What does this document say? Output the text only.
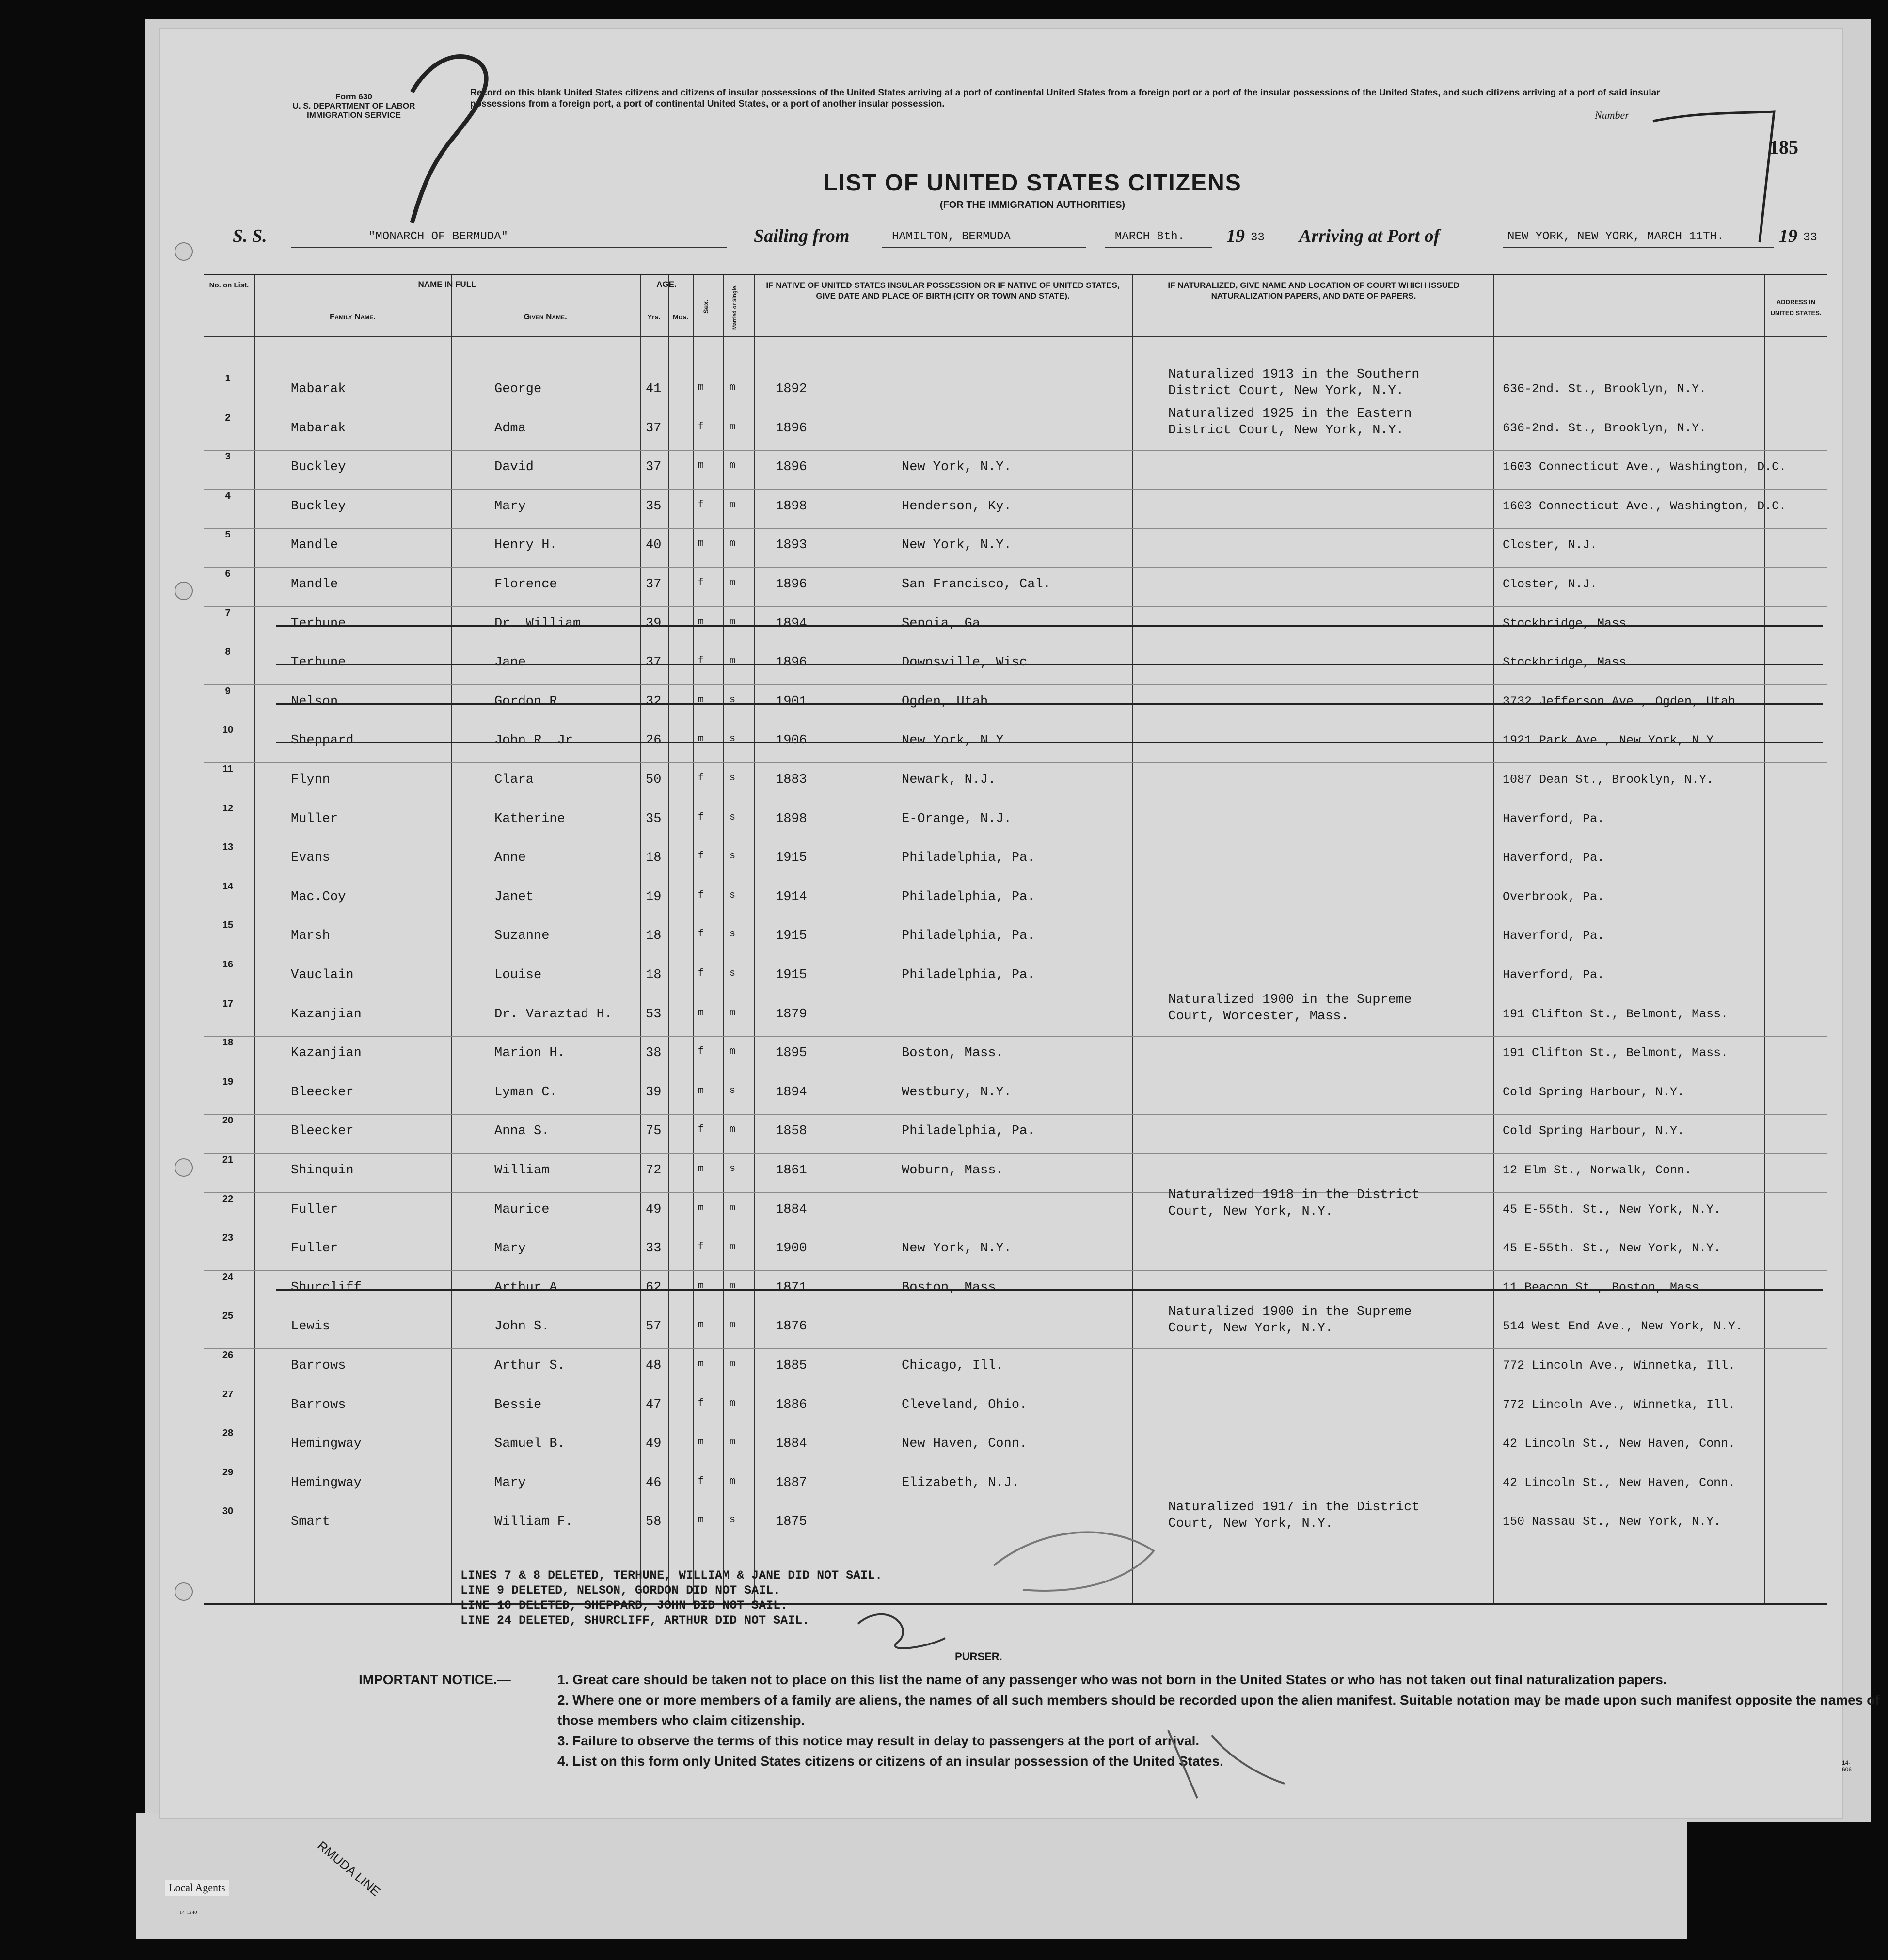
Form 630
U. S. DEPARTMENT OF LABOR
IMMIGRATION SERVICE
Record on this blank United States citizens and citizens of insular possessions of the United States arriving at a port of continental United States from a foreign port or a port of the insular possessions of the United States, and such citizens arriving at a port of said insular possessions from a foreign port, a port of continental United States, or a port of another insular possession.
Number
185
LIST OF UNITED STATES CITIZENS
(FOR THE IMMIGRATION AUTHORITIES)
S. S.	"MONARCH OF BERMUDA"	Sailing from	HAMILTON, BERMUDA	MARCH 8th. 19 33 Arriving at Port of	NEW YORK, NEW YORK, MARCH 11TH.	19 33
No. on List.	NAME IN FULL
Family Name.	Given Name.
AGE.
Yrs.	Mos.
Sex.	Married or Single.	IF NATIVE OF UNITED STATES INSULAR POSSESSION OR IF NATIVE OF UNITED STATES, GIVE DATE AND PLACE OF BIRTH (CITY OR TOWN AND STATE).
IF NATURALIZED, GIVE NAME AND LOCATION OF COURT WHICH ISSUED NATURALIZATION PAPERS, AND DATE OF PAPERS.
ADDRESS IN UNITED STATES.
1
Mabarak	George	41	m	m	1892
Naturalized 1913 in the Southern
District Court, New York, N.Y.	636-2nd. St., Brooklyn, N.Y.
2
Mabarak	Adma	37	f	m	1896
Naturalized 1925 in the Eastern
District Court, New York, N.Y.	636-2nd. St., Brooklyn, N.Y.
3
Buckley	David	37	m	m	1896	New York, N.Y.	1603 Connecticut Ave., Washington, D.C.
4
Buckley	Mary	35	f	m	1898	Henderson, Ky.	1603 Connecticut Ave., Washington, D.C.
5
Mandle	Henry H.	40	m	m	1893	New York, N.Y.	Closter, N.J.
6
Mandle	Florence	37	f	m	1896	San Francisco, Cal.	Closter, N.J.
7
Terhune	Dr. William	39	m	m	1894	Senoia, Ga.	Stockbridge, Mass.
8
Terhune	Jane	37	f	m	1896	Downsville, Wisc.	Stockbridge, Mass.
9
Nelson	Gordon R.	32	m	s	1901	Ogden, Utah.	3732 Jefferson Ave., Ogden, Utah.
10
Sheppard	John R. Jr.	26	m	s	1906	New York, N.Y.	1921 Park Ave., New York, N.Y.
11
Flynn	Clara	50	f	s	1883	Newark, N.J.	1087 Dean St., Brooklyn, N.Y.
12
Muller	Katherine	35	f	s	1898	E-Orange, N.J.	Haverford, Pa.
13
Evans	Anne	18	f	s	1915	Philadelphia, Pa.	Haverford, Pa.
14
Mac.Coy	Janet	19	f	s	1914	Philadelphia, Pa.	Overbrook, Pa.
15
Marsh	Suzanne	18	f	s	1915	Philadelphia, Pa.	Haverford, Pa.
16
Vauclain	Louise	18	f	s	1915	Philadelphia, Pa.	Haverford, Pa.
17
Kazanjian	Dr. Varaztad H.	53	m	m	1879
Naturalized 1900 in the Supreme
Court, Worcester, Mass.	191 Clifton St., Belmont, Mass.
18
Kazanjian	Marion H.	38	f	m	1895	Boston, Mass.	191 Clifton St., Belmont, Mass.
19
Bleecker	Lyman C.	39	m	s	1894	Westbury, N.Y.	Cold Spring Harbour, N.Y.
20
Bleecker	Anna S.	75	f	m	1858	Philadelphia, Pa.	Cold Spring Harbour, N.Y.
21
Shinquin	William	72	m	s	1861	Woburn, Mass.	12 Elm St., Norwalk, Conn.
22
Fuller	Maurice	49	m	m	1884
Naturalized 1918 in the District
Court, New York, N.Y.	45 E-55th. St., New York, N.Y.
23
Fuller	Mary	33	f	m	1900	New York, N.Y.	45 E-55th. St., New York, N.Y.
24
Shurcliff	Arthur A.	62	m	m	1871	Boston, Mass.	11 Beacon St., Boston, Mass.
25
Lewis	John S.	57	m	m	1876
Naturalized 1900 in the Supreme
Court, New York, N.Y.	514 West End Ave., New York, N.Y.
26
Barrows	Arthur S.	48	m	m	1885	Chicago, Ill.	772 Lincoln Ave., Winnetka, Ill.
27
Barrows	Bessie	47	f	m	1886	Cleveland, Ohio.	772 Lincoln Ave., Winnetka, Ill.
28
Hemingway	Samuel B.	49	m	m	1884	New Haven, Conn.	42 Lincoln St., New Haven, Conn.
29
Hemingway	Mary	46	f	m	1887	Elizabeth, N.J.	42 Lincoln St., New Haven, Conn.
30
Smart	William F.	58	m	s	1875
Naturalized 1917 in the District
Court, New York, N.Y.	150 Nassau St., New York, N.Y.
LINES 7 & 8 DELETED, TERHUNE, WILLIAM & JANE DID NOT SAIL.
LINE 9 DELETED, NELSON, GORDON DID NOT SAIL.
LINE 10 DELETED, SHEPPARD, JOHN DID NOT SAIL.
LINE 24 DELETED, SHURCLIFF, ARTHUR DID NOT SAIL.
PURSER.
IMPORTANT NOTICE.—	1. Great care should be taken not to place on this list the name of any passenger who was not born in the United States or who has not taken out final naturalization papers.
2. Where one or more members of a family are aliens, the names of all such members should be recorded upon the alien manifest. Suitable notation may be made upon such manifest opposite the names of those members who claim citizenship.
3. Failure to observe the terms of this notice may result in delay to passengers at the port of arrival.
4. List on this form only United States citizens or citizens of an insular possession of the United States.	14-606
Local Agents
14-1240
RMUDA LINE
